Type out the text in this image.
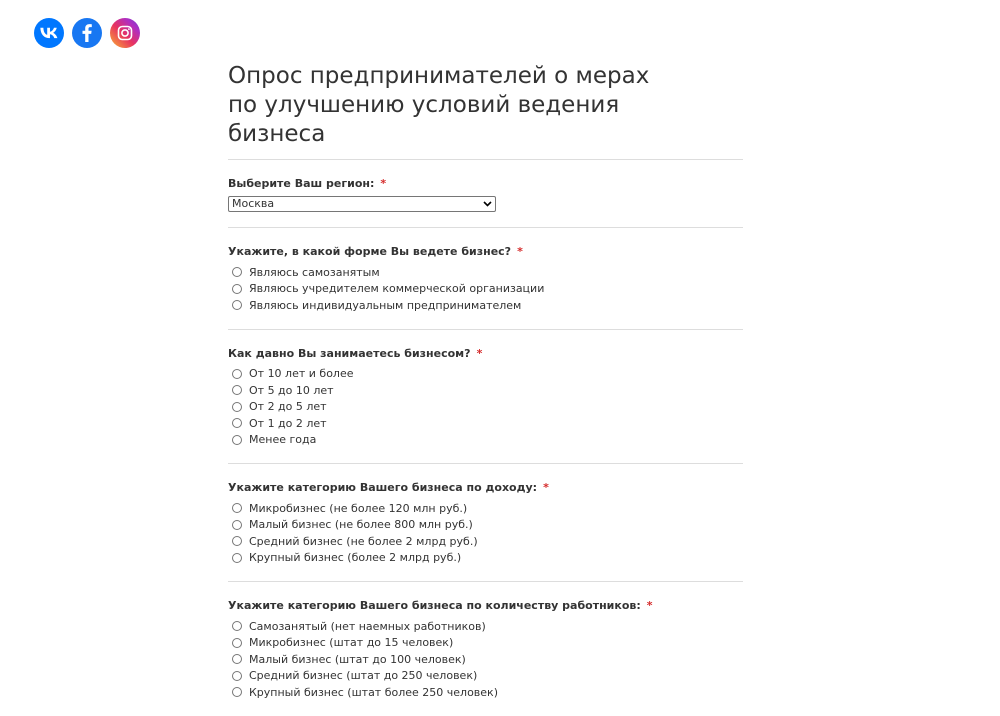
Опрос предпринимателей о мерах по улучшению условий ведения бизнеса
Выберите Ваш регион: *
Москва
Укажите, в какой форме Вы ведете бизнес? *
Являюсь самозанятым
Являюсь учредителем коммерческой организации
Являюсь индивидуальным предпринимателем
Как давно Вы занимаетесь бизнесом? *
От 10 лет и более
От 5 до 10 лет
От 2 до 5 лет
От 1 до 2 лет
Менее года
Укажите категорию Вашего бизнеса по доходу: *
Микробизнес (не более 120 млн руб.)
Малый бизнес (не более 800 млн руб.)
Средний бизнес (не более 2 млрд руб.)
Крупный бизнес (более 2 млрд руб.)
Укажите категорию Вашего бизнеса по количеству работников: *
Самозанятый (нет наемных работников)
Микробизнес (штат до 15 человек)
Малый бизнес (штат до 100 человек)
Средний бизнес (штат до 250 человек)
Крупный бизнес (штат более 250 человек)
